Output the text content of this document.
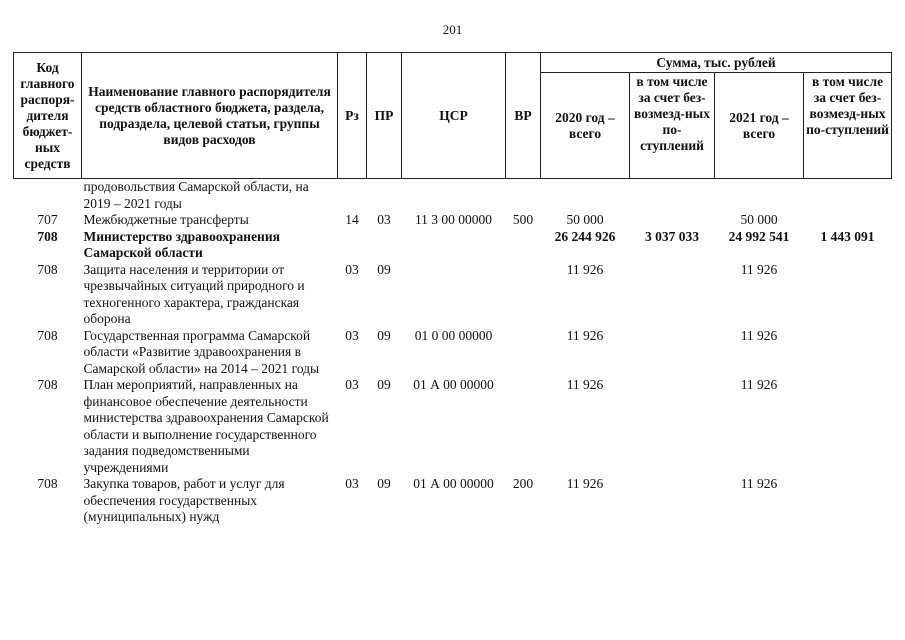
201
Код главного распоря-дителя бюджет-ных средств	Наименование главного распорядителя средств областного бюджета, раздела, подраздела, целевой статьи, группы видов расходов	Рз	ПР	ЦСР	ВР	Сумма, тыс. рублей			
						2020 год – всего	в том числе за счет без-возмезд-ных по-ступлений	2021 год – всего	в том числе за счет без-возмезд-ных по-ступлений
	продовольствия Самарской области, на 2019 – 2021 годы								
707	Межбюджетные трансферты	14	03	11 3 00 00000	500	50 000		50 000	
708	Министерство здравоохранения Самарской области					26 244 926	3 037 033	24 992 541	1 443 091
708	Защита населения и территории от чрезвычайных ситуаций природного и техногенного характера, гражданская оборона	03	09			11 926		11 926	
708	Государственная программа Самарской области «Развитие здравоохранения в Самарской области» на 2014 – 2021 годы	03	09	01 0 00 00000		11 926		11 926	
708	План мероприятий, направленных на финансовое обеспечение деятельности министерства здравоохранения Самарской области и выполнение государственного задания подведомственными учреждениями	03	09	01 А 00 00000		11 926		11 926	
708	Закупка товаров, работ и услуг для обеспечения государственных (муниципальных) нужд	03	09	01 А 00 00000	200	11 926		11 926	
